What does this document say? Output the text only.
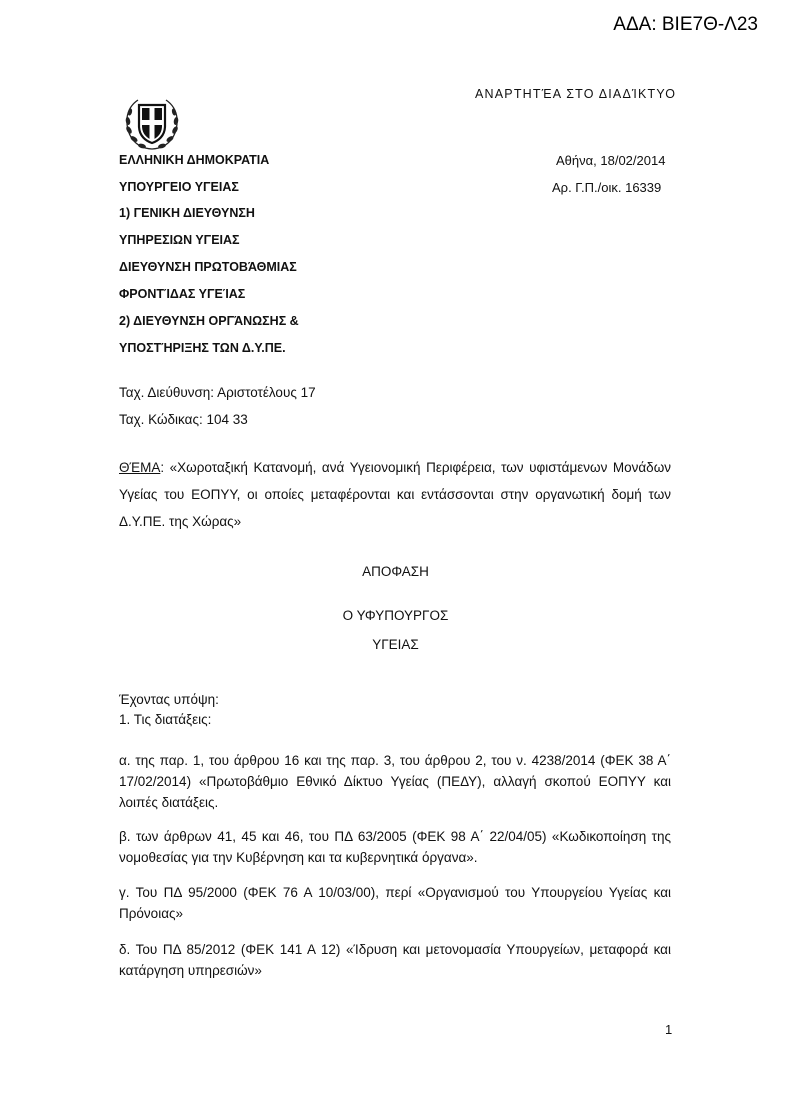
ΑΔΑ: ΒΙΕ7Θ-Λ23
ΑΝΑΡΤΗΤΈΑ ΣΤΟ ΔΙΑΔΊΚΤΥΟ
ΕΛΛΗΝΙΚΗ ΔΗΜΟΚΡΑΤΙΑ
ΥΠΟΥΡΓΕΙΟ ΥΓΕΙΑΣ
1) ΓΕΝΙΚΗ ΔΙΕΥΘΥΝΣΗ
ΥΠΗΡΕΣΙΩΝ ΥΓΕΙΑΣ
ΔΙΕΥΘΥΝΣΗ ΠΡΩΤΟΒΆΘΜΙΑΣ
ΦΡΟΝΤΊΔΑΣ ΥΓΕΊΑΣ
2) ΔΙΕΥΘΥΝΣΗ ΟΡΓΆΝΩΣΗΣ &
ΥΠΟΣΤΉΡΙΞΗΣ ΤΩΝ Δ.Υ.ΠΕ.
Αθήνα, 18/02/2014
Αρ. Γ.Π./οικ. 16339
Ταχ. Διεύθυνση: Αριστοτέλους 17
Ταχ. Κώδικας: 104 33
ΘΈΜΑ: «Χωροταξική Κατανομή, ανά Υγειονομική Περιφέρεια, των υφιστάμενων Μονάδων Υγείας του ΕΟΠΥΥ, οι οποίες μεταφέρονται και εντάσσονται στην οργανωτική δομή των Δ.Υ.ΠΕ. της Χώρας»
ΑΠΟΦΑΣΗ
Ο ΥΦΥΠΟΥΡΓΟΣ
ΥΓΕΙΑΣ
Έχοντας υπόψη:
1. Τις διατάξεις:
α. της παρ. 1, του άρθρου 16 και της παρ. 3, του άρθρου 2, του ν. 4238/2014 (ΦΕΚ 38 Α΄ 17/02/2014) «Πρωτοβάθμιο Εθνικό Δίκτυο Υγείας (ΠΕΔΥ), αλλαγή σκοπού ΕΟΠΥΥ και λοιπές διατάξεις.
β. των άρθρων 41, 45 και 46, του ΠΔ 63/2005 (ΦΕΚ 98 Α΄ 22/04/05) «Κωδικοποίηση της νομοθεσίας για την Κυβέρνηση και τα κυβερνητικά όργανα».
γ. Του ΠΔ 95/2000 (ΦΕΚ 76 Α 10/03/00), περί «Οργανισμού του Υπουργείου Υγείας και Πρόνοιας»
δ. Του ΠΔ 85/2012 (ΦΕΚ 141 Α 12) «Ίδρυση και μετονομασία Υπουργείων, μεταφορά και κατάργηση υπηρεσιών»
1
